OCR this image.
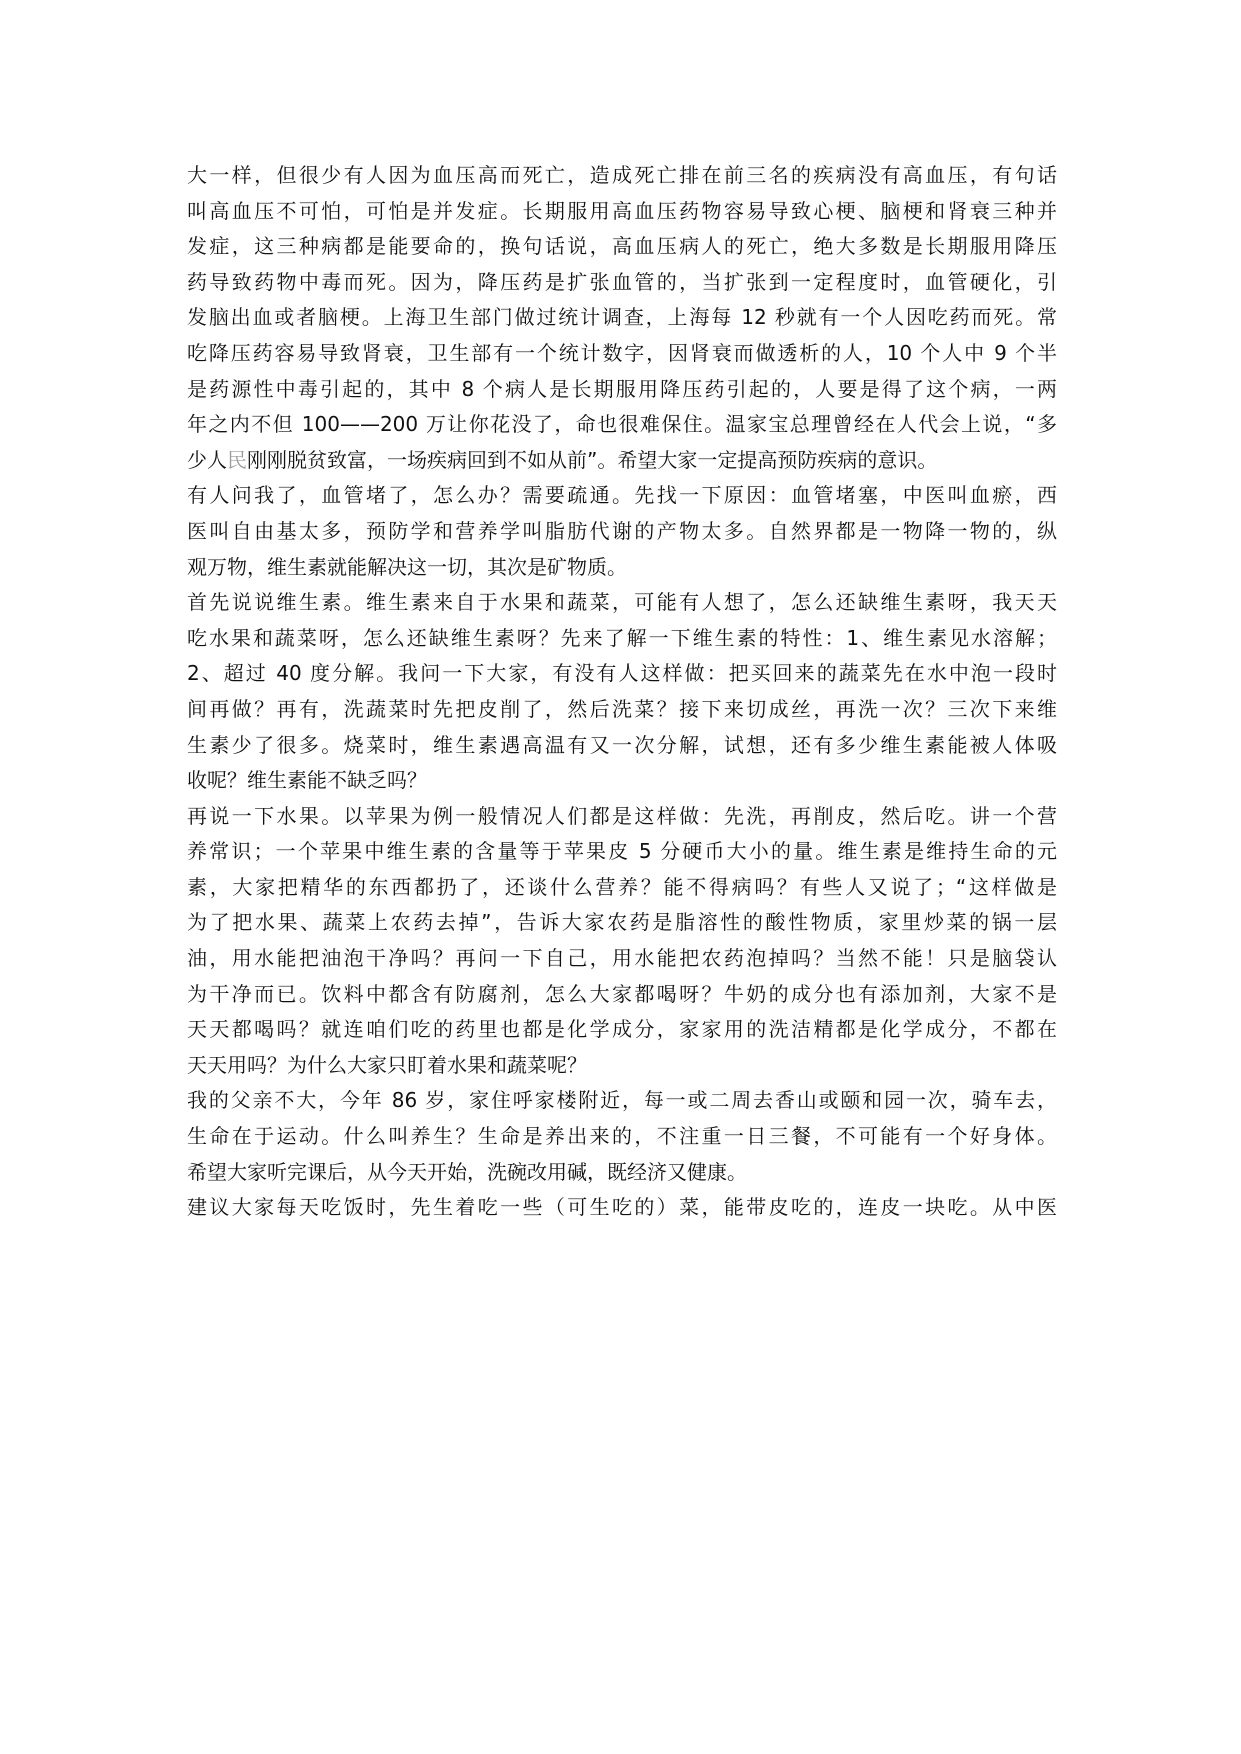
大一样，但很少有人因为血压高而死亡，造成死亡排在前三名的疾病没有高血压，有句话
叫高血压不可怕，可怕是并发症。长期服用高血压药物容易导致心梗、脑梗和肾衰三种并
发症，这三种病都是能要命的，换句话说，高血压病人的死亡，绝大多数是长期服用降压
药导致药物中毒而死。因为，降压药是扩张血管的，当扩张到一定程度时，血管硬化，引
发脑出血或者脑梗。上海卫生部门做过统计调查，上海每 12 秒就有一个人因吃药而死。常
吃降压药容易导致肾衰，卫生部有一个统计数字，因肾衰而做透析的人，10 个人中 9 个半
是药源性中毒引起的，其中 8 个病人是长期服用降压药引起的，人要是得了这个病，一两
年之内不但 100——200 万让你花没了，命也很难保住。温家宝总理曾经在人代会上说，“多
少人民刚刚脱贫致富，一场疾病回到不如从前”。希望大家一定提高预防疾病的意识。
有人问我了，血管堵了，怎么办？需要疏通。先找一下原因：血管堵塞，中医叫血瘀，西
医叫自由基太多，预防学和营养学叫脂肪代谢的产物太多。自然界都是一物降一物的，纵
观万物，维生素就能解决这一切，其次是矿物质。
首先说说维生素。维生素来自于水果和蔬菜，可能有人想了，怎么还缺维生素呀，我天天
吃水果和蔬菜呀，怎么还缺维生素呀？先来了解一下维生素的特性：1、维生素见水溶解；
2、超过 40 度分解。我问一下大家，有没有人这样做：把买回来的蔬菜先在水中泡一段时
间再做？再有，洗蔬菜时先把皮削了，然后洗菜？接下来切成丝，再洗一次？三次下来维
生素少了很多。烧菜时，维生素遇高温有又一次分解，试想，还有多少维生素能被人体吸
收呢？维生素能不缺乏吗？
再说一下水果。以苹果为例一般情况人们都是这样做：先洗，再削皮，然后吃。讲一个营
养常识；一个苹果中维生素的含量等于苹果皮 5 分硬币大小的量。维生素是维持生命的元
素，大家把精华的东西都扔了，还谈什么营养？能不得病吗？有些人又说了；“这样做是
为了把水果、蔬菜上农药去掉”，告诉大家农药是脂溶性的酸性物质，家里炒菜的锅一层
油，用水能把油泡干净吗？再问一下自己，用水能把农药泡掉吗？当然不能！只是脑袋认
为干净而已。饮料中都含有防腐剂，怎么大家都喝呀？牛奶的成分也有添加剂，大家不是
天天都喝吗？就连咱们吃的药里也都是化学成分，家家用的洗洁精都是化学成分，不都在
天天用吗？为什么大家只盯着水果和蔬菜呢？
我的父亲不大，今年 86 岁，家住呼家楼附近，每一或二周去香山或颐和园一次，骑车去，
生命在于运动。什么叫养生？生命是养出来的，不注重一日三餐，不可能有一个好身体。
希望大家听完课后，从今天开始，洗碗改用碱，既经济又健康。
建议大家每天吃饭时，先生着吃一些（可生吃的）菜，能带皮吃的，连皮一块吃。从中医
